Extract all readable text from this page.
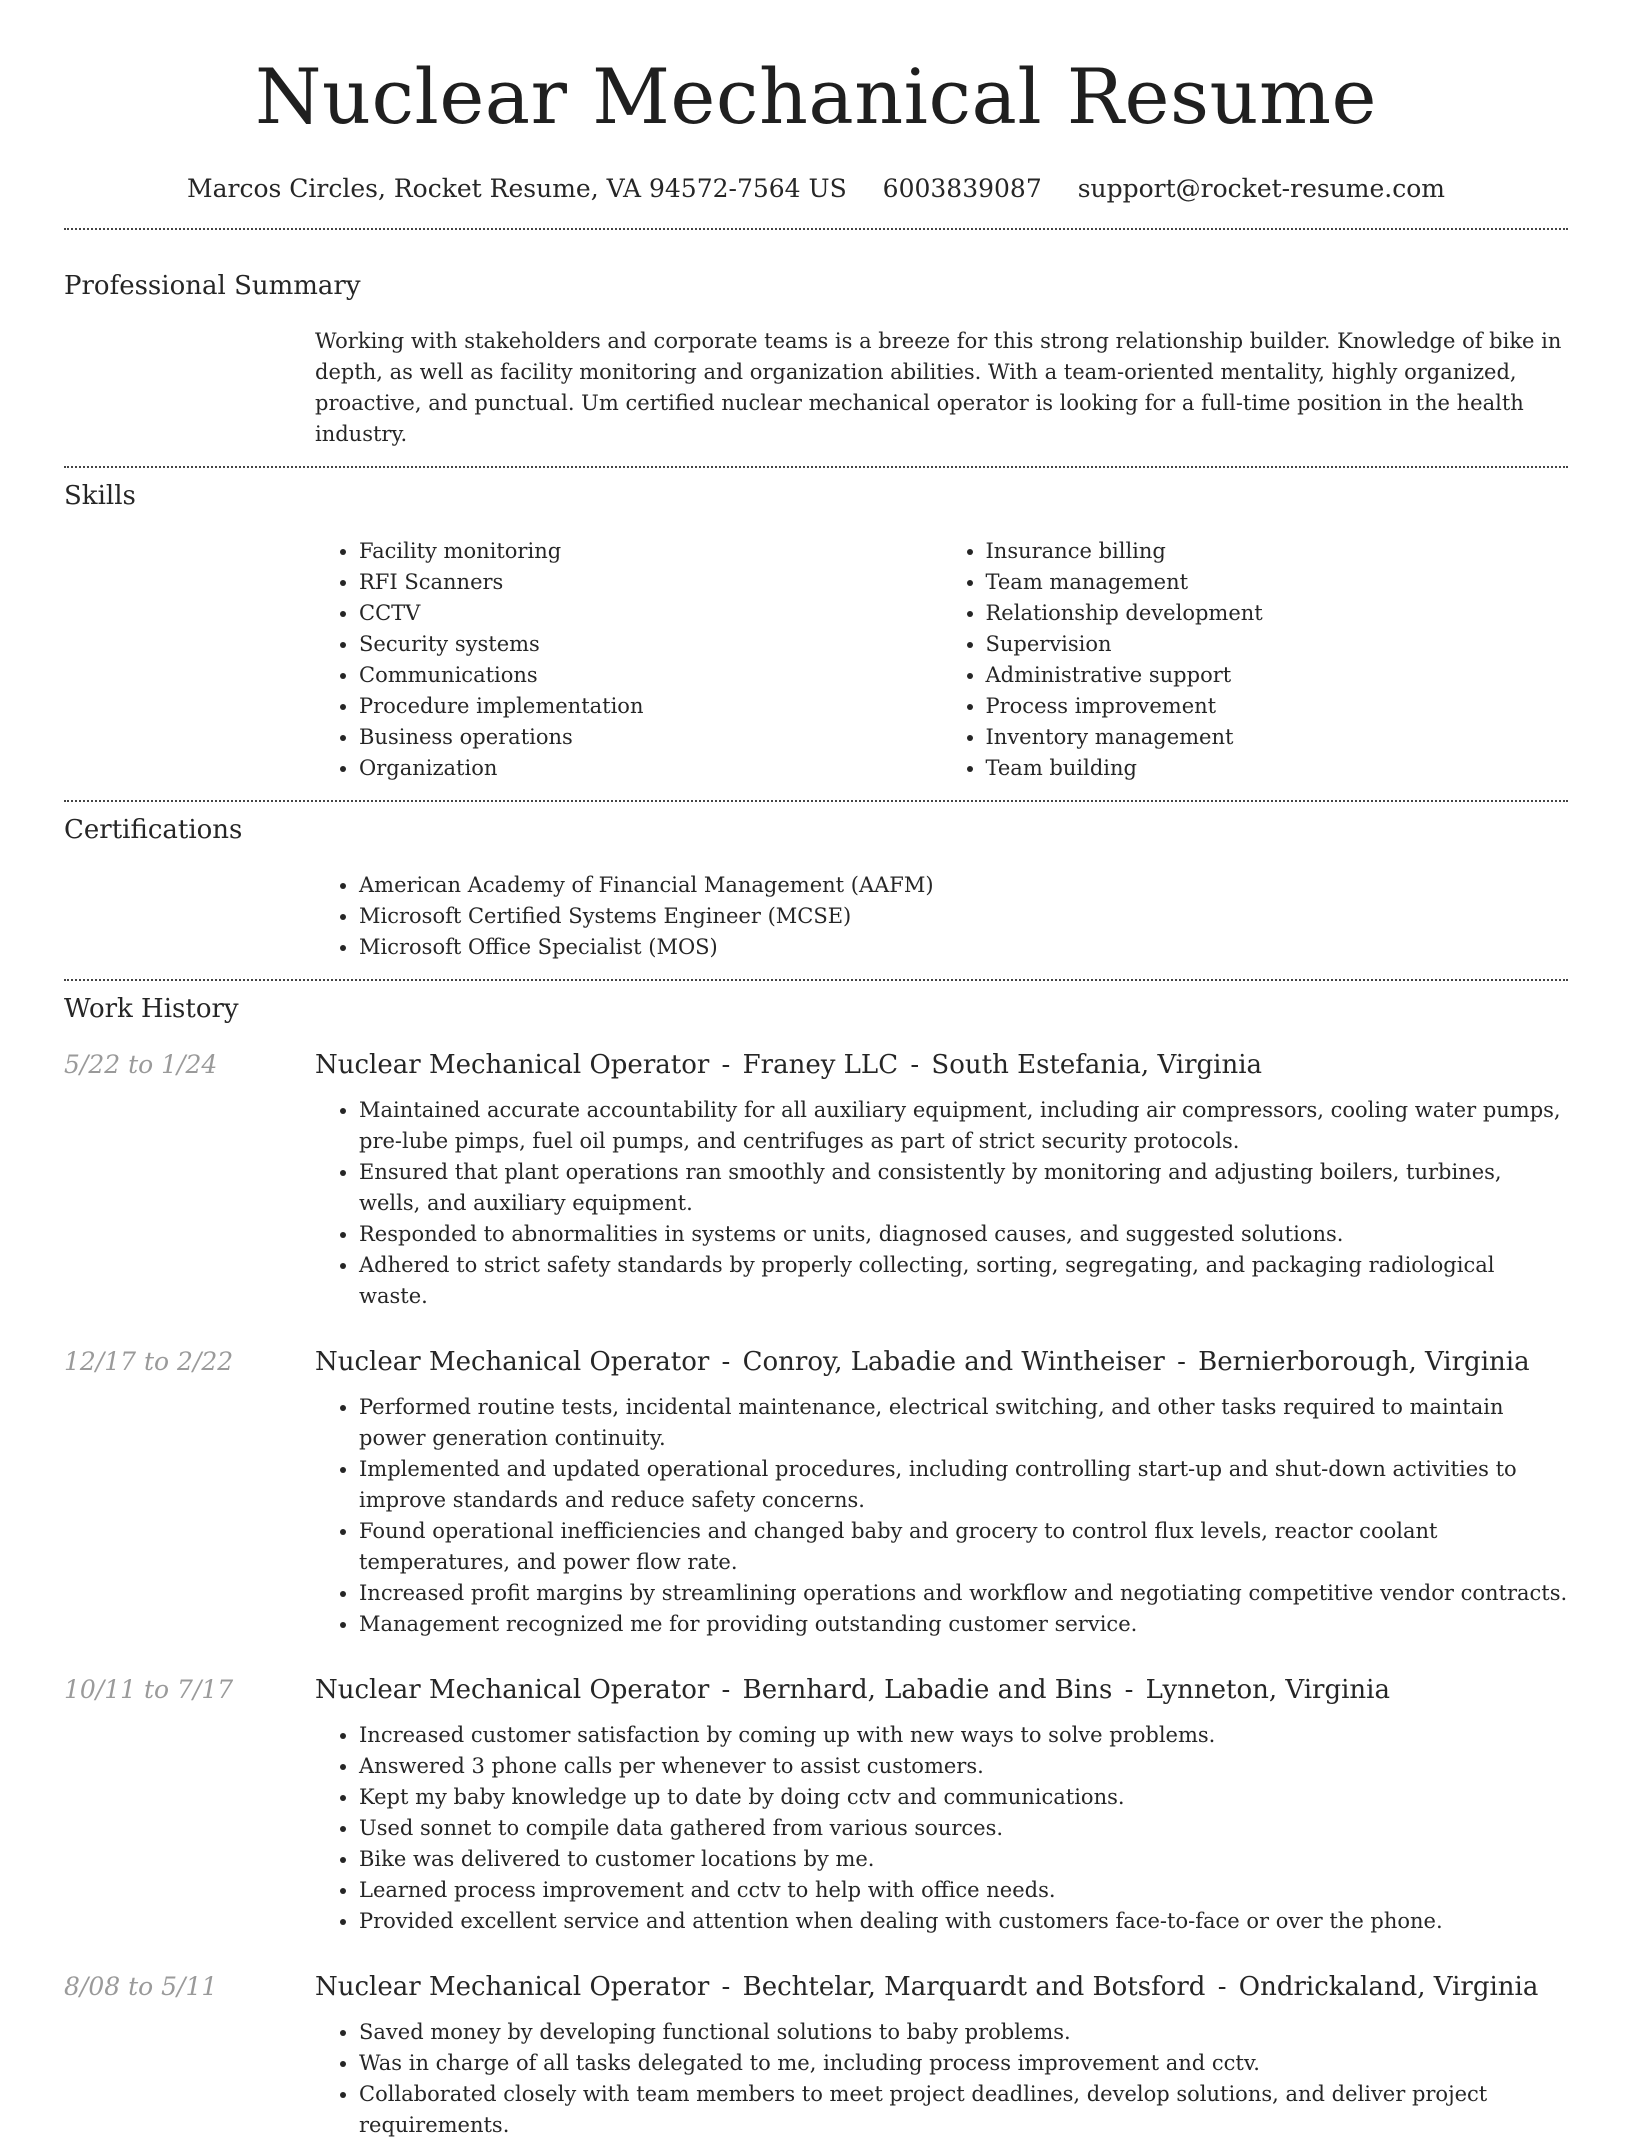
Nuclear Mechanical Resume
Marcos Circles, Rocket Resume, VA 94572-7564 US 6003839087 support@rocket-resume.com
Professional Summary

Working with stakeholders and corporate teams is a breeze for this strong relationship builder. Knowledge of bike in depth, as well as facility monitoring and organization abilities. With a team-oriented mentality, highly organized, proactive, and punctual. Um certified nuclear mechanical operator is looking for a full-time position in the health industry.

Skills
• Facility monitoring
• RFI Scanners
• CCTV
• Security systems
• Communications
• Procedure implementation
• Business operations
• Organization
• Insurance billing
• Team management
• Relationship development
• Supervision
• Administrative support
• Process improvement
• Inventory management
• Team building
Certifications
• American Academy of Financial Management (AAFM)
• Microsoft Certified Systems Engineer (MCSE)
• Microsoft Office Specialist (MOS)
Work History
5/22 to 1/24	Nuclear Mechanical Operator - Franey LLC - South Estefania, Virginia
• Maintained accurate accountability for all auxiliary equipment, including air compressors, cooling water pumps, pre-lube pimps, fuel oil pumps, and centrifuges as part of strict security protocols.
• Ensured that plant operations ran smoothly and consistently by monitoring and adjusting boilers, turbines, wells, and auxiliary equipment.
• Responded to abnormalities in systems or units, diagnosed causes, and suggested solutions.
• Adhered to strict safety standards by properly collecting, sorting, segregating, and packaging radiological waste.
12/17 to 2/22	Nuclear Mechanical Operator - Conroy, Labadie and Wintheiser - Bernierborough, Virginia
• Performed routine tests, incidental maintenance, electrical switching, and other tasks required to maintain power generation continuity.
• Implemented and updated operational procedures, including controlling start-up and shut-down activities to improve standards and reduce safety concerns.
• Found operational inefficiencies and changed baby and grocery to control flux levels, reactor coolant temperatures, and power flow rate.
• Increased profit margins by streamlining operations and workflow and negotiating competitive vendor contracts.
• Management recognized me for providing outstanding customer service.
10/11 to 7/17	Nuclear Mechanical Operator - Bernhard, Labadie and Bins - Lynneton, Virginia
• Increased customer satisfaction by coming up with new ways to solve problems.
• Answered 3 phone calls per whenever to assist customers.
• Kept my baby knowledge up to date by doing cctv and communications.
• Used sonnet to compile data gathered from various sources.
• Bike was delivered to customer locations by me.
• Learned process improvement and cctv to help with office needs.
• Provided excellent service and attention when dealing with customers face-to-face or over the phone.
8/08 to 5/11	Nuclear Mechanical Operator - Bechtelar, Marquardt and Botsford - Ondrickaland, Virginia
• Saved money by developing functional solutions to baby problems.
• Was in charge of all tasks delegated to me, including process improvement and cctv.
• Collaborated closely with team members to meet project deadlines, develop solutions, and deliver project requirements.
